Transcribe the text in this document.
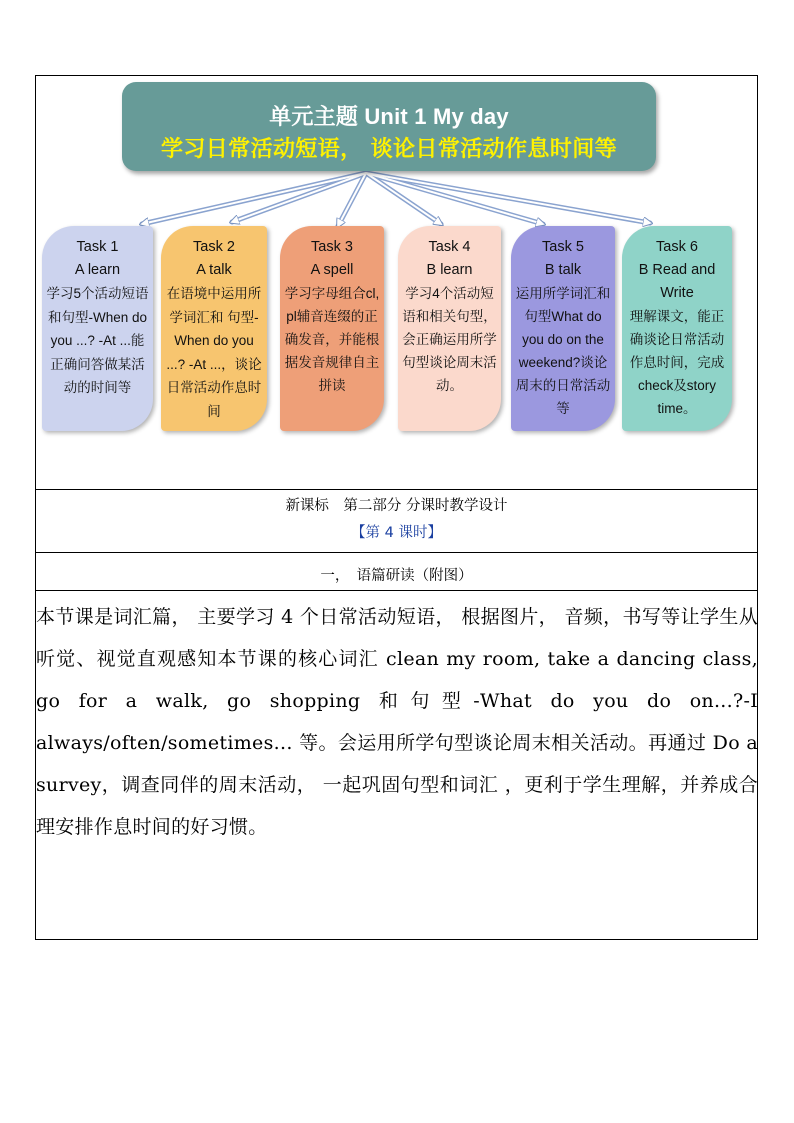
单元主题 Unit 1 My day
学习日常活动短语， 谈论日常活动作息时间等
Task 1
A learn
学习5个活动短语和句型-When do you ...? -At ...能正确问答做某活动的时间等
Task 2
A talk
在语境中运用所学词汇和 句型-When do you ...? -At ...，谈论日常活动作息时间
Task 3
A spell
学习字母组合cl, pl辅音连缀的正确发音，并能根据发音规律自主拼读
Task 4
B learn
学习4个活动短语和相关句型，会正确运用所学句型谈论周末活动。
Task 5
B talk
运用所学词汇和 句型What do you do on the weekend?谈论周末的日常活动等
Task 6
B Read and Write
理解课文，能正确谈论日常活动作息时间，完成check及story time。
新课标　第二部分 分课时教学设计
【第 4 课时】
一，　语篇研读（附图）

本节课是词汇篇， 主要学习 4 个日常活动短语， 根据图片， 音频，书写等让学生从听觉、视觉直观感知本节课的核心词汇 clean my room, take a dancing class, go for a walk, go shopping 和句型-What do you do on...?-I always/often/sometimes... 等。会运用所学句型谈论周末相关活动。再通过 Do a survey，调查同伴的周末活动， 一起巩固句型和词汇 ，更利于学生理解，并养成合理安排作息时间的好习惯。
